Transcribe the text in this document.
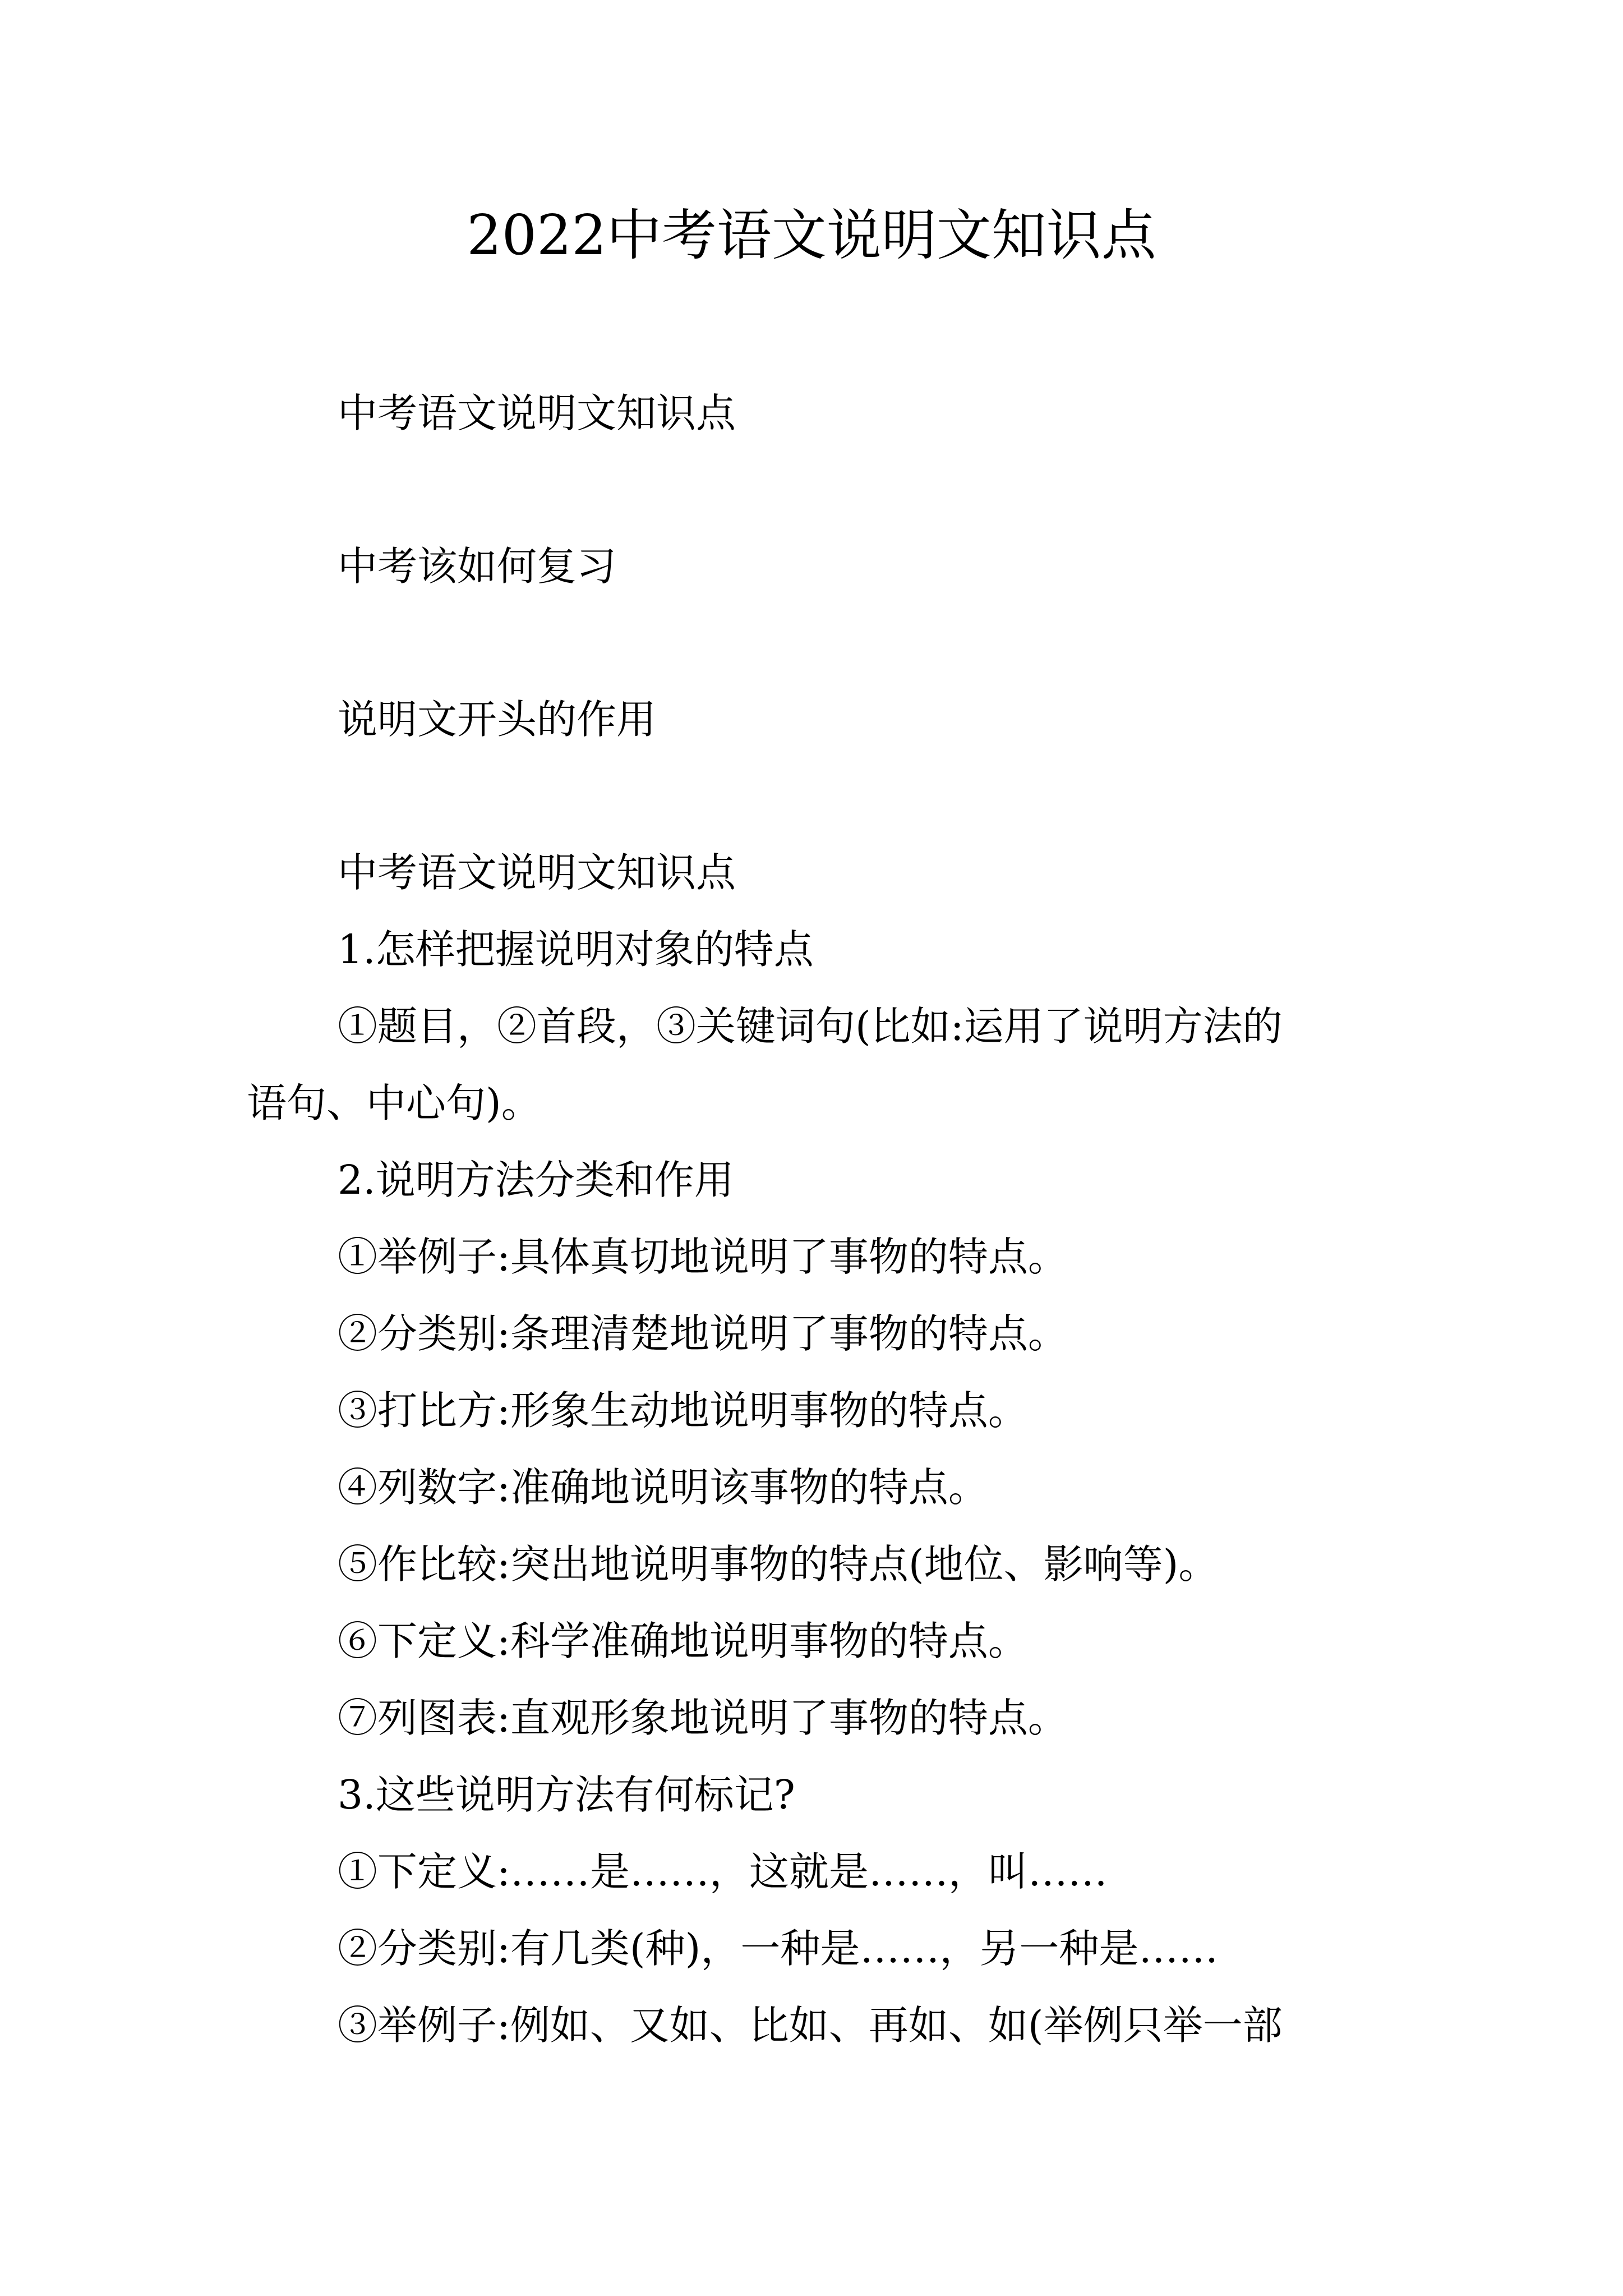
2022中考语文说明文知识点
中考语文说明文知识点
中考该如何复习
说明文开头的作用
中考语文说明文知识点
1.怎样把握说明对象的特点
①题目，②首段，③关键词句(比如:运用了说明方法的
语句、中心句)。
2.说明方法分类和作用
①举例子:具体真切地说明了事物的特点。
②分类别:条理清楚地说明了事物的特点。
③打比方:形象生动地说明事物的特点。
④列数字:准确地说明该事物的特点。
⑤作比较:突出地说明事物的特点(地位、影响等)。
⑥下定义:科学准确地说明事物的特点。
⑦列图表:直观形象地说明了事物的特点。
3.这些说明方法有何标记?
①下定义:……是……，这就是……，叫……
②分类别:有几类(种)，一种是……，另一种是……
③举例子:例如、又如、比如、再如、如(举例只举一部
